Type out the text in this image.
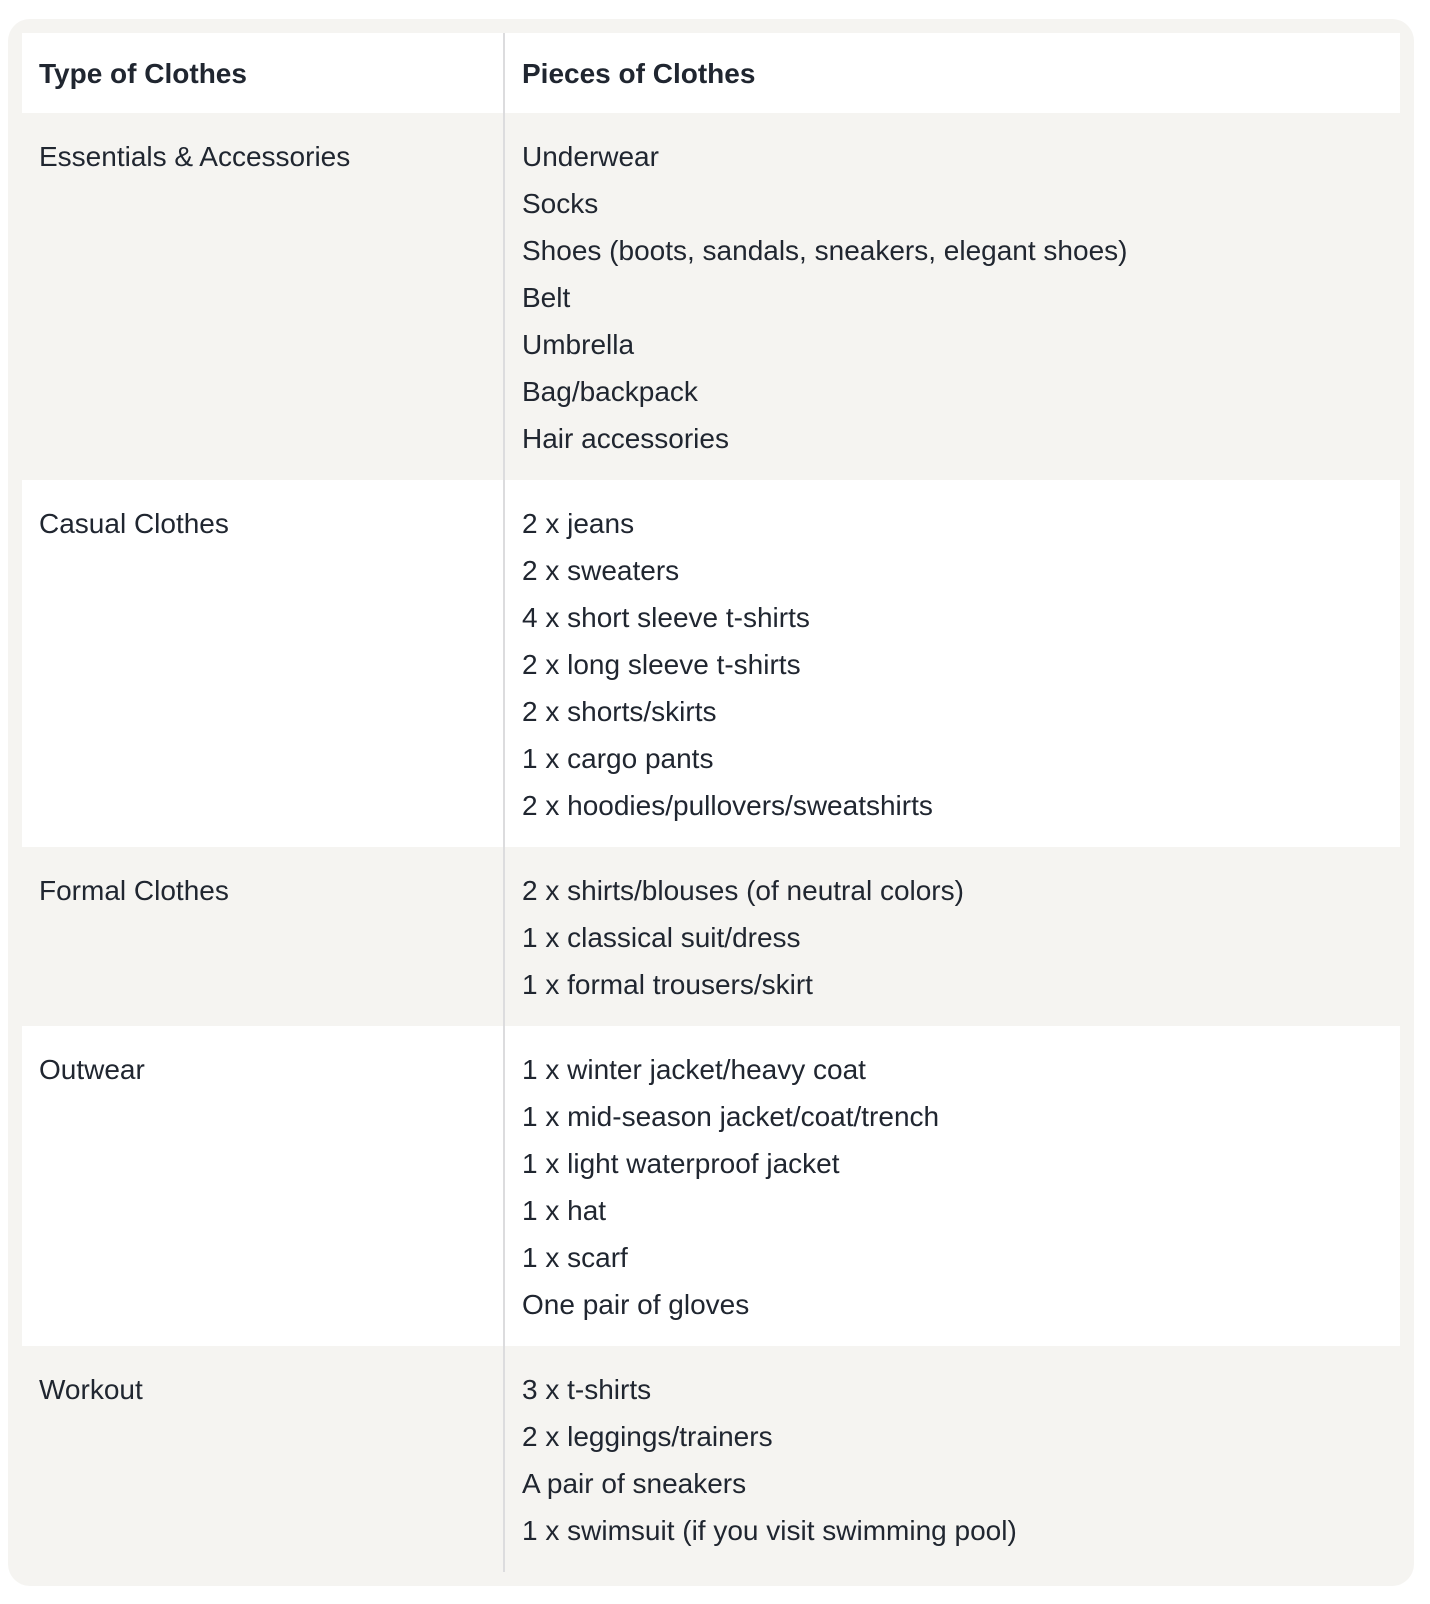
Type of Clothes	Pieces of Clothes
Essentials & Accessories	Underwear
Socks
Shoes (boots, sandals, sneakers, elegant shoes)
Belt
Umbrella
Bag/backpack
Hair accessories
Casual Clothes	2 x jeans
2 x sweaters
4 x short sleeve t-shirts
2 x long sleeve t-shirts
2 x shorts/skirts
1 x cargo pants
2 x hoodies/pullovers/sweatshirts
Formal Clothes	2 x shirts/blouses (of neutral colors)
1 x classical suit/dress
1 x formal trousers/skirt
Outwear	1 x winter jacket/heavy coat
1 x mid-season jacket/coat/trench
1 x light waterproof jacket
1 x hat
1 x scarf
One pair of gloves
Workout	3 x t-shirts
2 x leggings/trainers
A pair of sneakers
1 x swimsuit (if you visit swimming pool)
